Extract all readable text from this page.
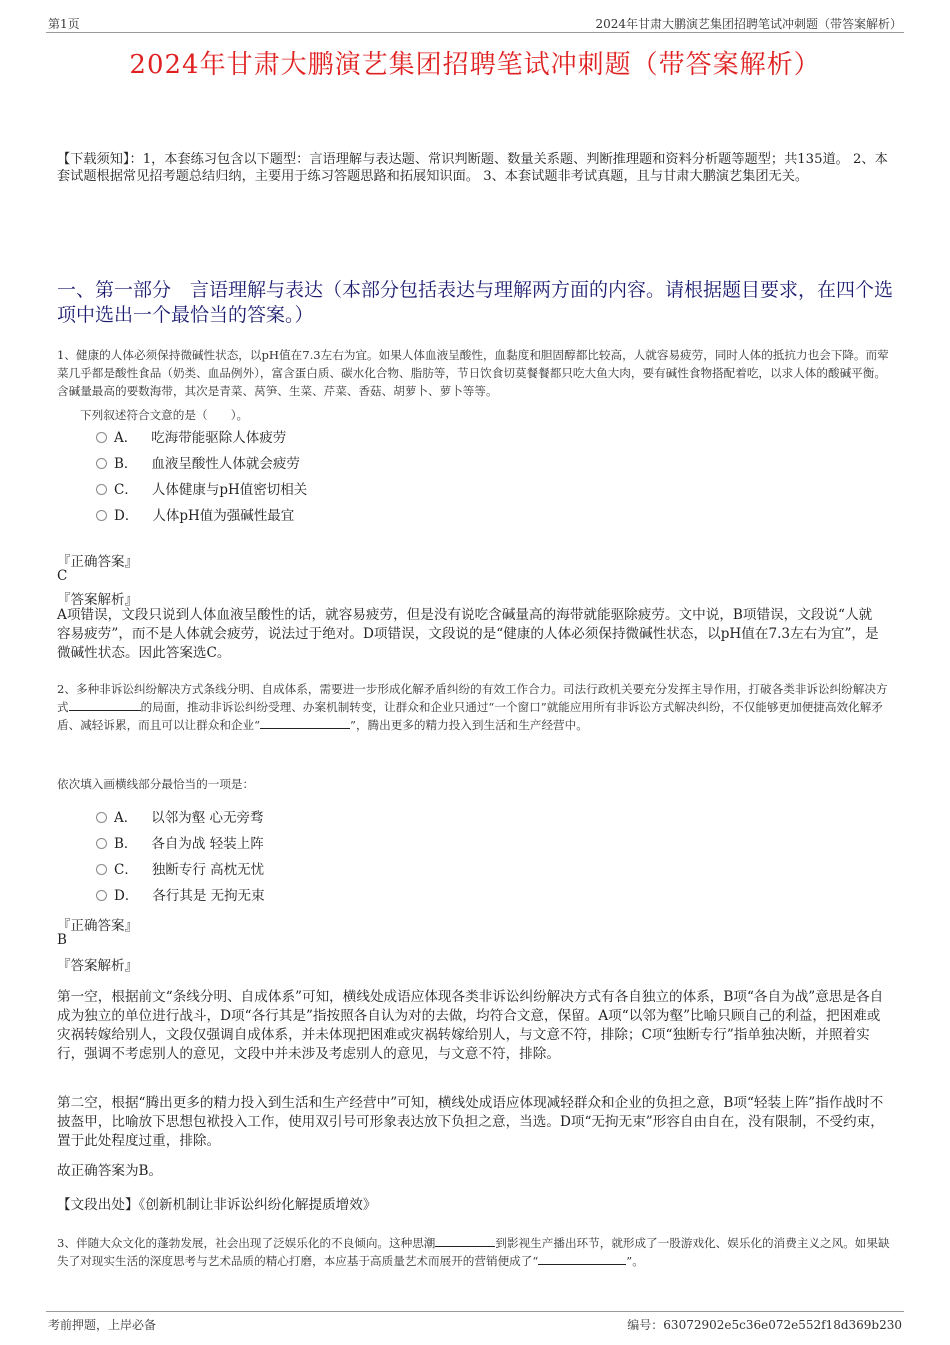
第1页	2024年甘肃大鹏演艺集团招聘笔试冲刺题（带答案解析）
2024年甘肃大鹏演艺集团招聘笔试冲刺题（带答案解析）
【下载须知】：1，本套练习包含以下题型：言语理解与表达题、常识判断题、数量关系题、判断推理题和资料分析题等题型；共135道。 2、本套试题根据常见招考题总结归纳，主要用于练习答题思路和拓展知识面。 3、本套试题非考试真题，且与甘肃大鹏演艺集团无关。
一、第一部分　言语理解与表达（本部分包括表达与理解两方面的内容。请根据题目要求，在四个选项中选出一个最恰当的答案。）
1、健康的人体必须保持微碱性状态，以pH值在7.3左右为宜。如果人体血液呈酸性，血黏度和胆固醇都比较高，人就容易疲劳，同时人体的抵抗力也会下降。而荤菜几乎都是酸性食品（奶类、血品例外），富含蛋白质、碳水化合物、脂肪等，节日饮食切莫餐餐都只吃大鱼大肉，要有碱性食物搭配着吃，以求人体的酸碱平衡。含碱量最高的要数海带，其次是青菜、莴笋、生菜、芹菜、香菇、胡萝卜、萝卜等等。
下列叙述符合文意的是（　　）。
A． 吃海带能驱除人体疲劳
B． 血液呈酸性人体就会疲劳
C． 人体健康与pH值密切相关
D． 人体pH值为强碱性最宜
『正确答案』
C
『答案解析』
A项错误，文段只说到人体血液呈酸性的话，就容易疲劳，但是没有说吃含碱量高的海带就能驱除疲劳。文中说，B项错误，文段说“人就容易疲劳”，而不是人体就会疲劳，说法过于绝对。D项错误，文段说的是“健康的人体必须保持微碱性状态，以pH值在7.3左右为宜”，是微碱性状态。因此答案选C。
2、多种非诉讼纠纷解决方式条线分明、自成体系，需要进一步形成化解矛盾纠纷的有效工作合力。司法行政机关要充分发挥主导作用，打破各类非诉讼纠纷解决方式	的局面，推动非诉讼纠纷受理、办案机制转变，让群众和企业只通过“一个窗口”就能应用所有非诉讼方式解决纠纷，不仅能够更加便捷高效化解矛盾、减轻诉累，而且可以让群众和企业“	”，腾出更多的精力投入到生活和生产经营中。
依次填入画横线部分最恰当的一项是：
A． 以邻为壑 心无旁骛
B． 各自为战 轻装上阵
C． 独断专行 高枕无忧
D． 各行其是 无拘无束
『正确答案』
B
『答案解析』
第一空，根据前文“条线分明、自成体系”可知，横线处成语应体现各类非诉讼纠纷解决方式有各自独立的体系，B项“各自为战”意思是各自成为独立的单位进行战斗，D项“各行其是”指按照各自认为对的去做，均符合文意，保留。A项“以邻为壑”比喻只顾自己的利益，把困难或灾祸转嫁给别人，文段仅强调自成体系，并未体现把困难或灾祸转嫁给别人，与文意不符，排除；C项“独断专行”指单独决断，并照着实行，强调不考虑别人的意见，文段中并未涉及考虑别人的意见，与文意不符，排除。
第二空，根据“腾出更多的精力投入到生活和生产经营中”可知，横线处成语应体现减轻群众和企业的负担之意，B项“轻装上阵”指作战时不披盔甲，比喻放下思想包袱投入工作，使用双引号可形象表达放下负担之意，当选。D项“无拘无束”形容自由自在，没有限制，不受约束，置于此处程度过重，排除。
故正确答案为B。
【文段出处】《创新机制让非诉讼纠纷化解提质增效》
3、伴随大众文化的蓬勃发展，社会出现了泛娱乐化的不良倾向。这种思潮	到影视生产播出环节，就形成了一股游戏化、娱乐化的消费主义之风。如果缺失了对现实生活的深度思考与艺术品质的精心打磨，本应基于高质量艺术而展开的营销便成了“	”。
考前押题，上岸必备	编号：63072902e5c36e072e552f18d369b230
